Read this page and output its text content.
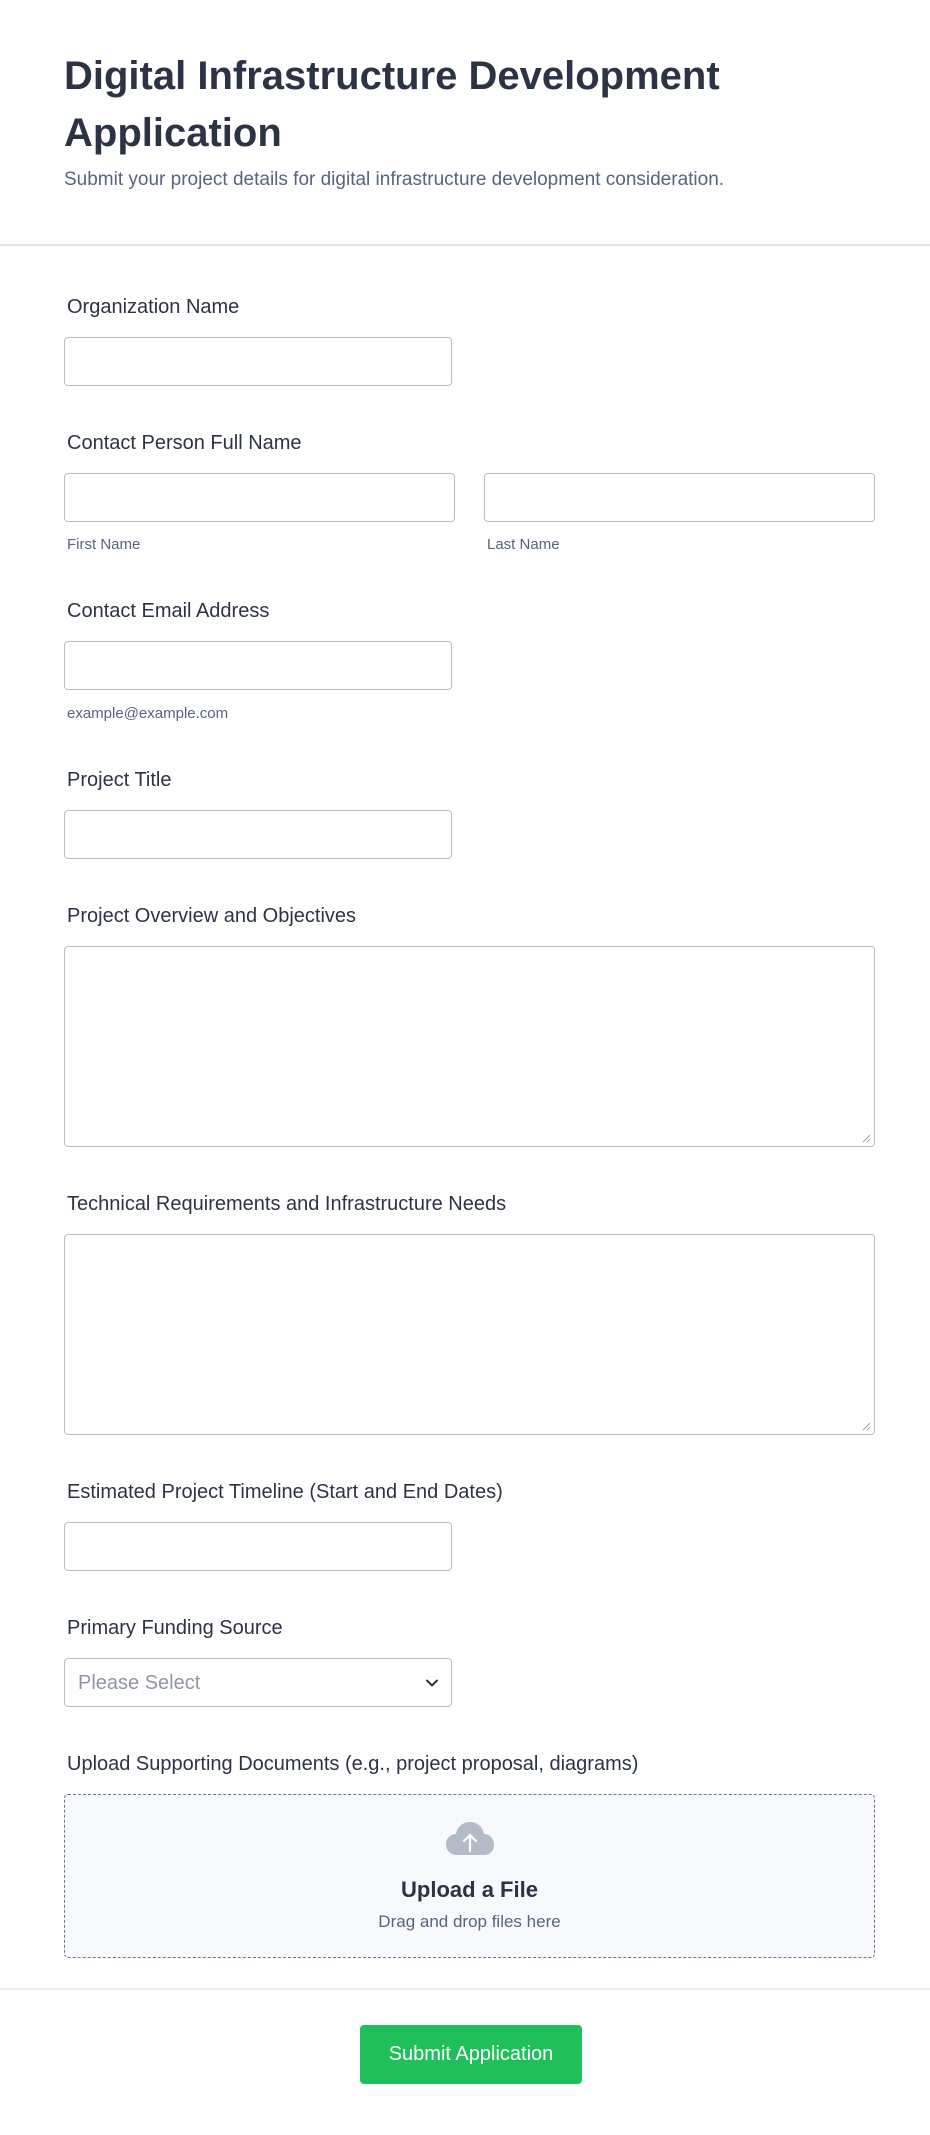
Digital Infrastructure Development Application

Submit your project details for digital infrastructure development consideration.

Organization Name
Contact Person Full Name
First Name	Last Name
Contact Email Address
example@example.com
Project Title
Project Overview and Objectives
Technical Requirements and Infrastructure Needs
Estimated Project Timeline (Start and End Dates)
Primary Funding Source
Please Select
Upload Supporting Documents (e.g., project proposal, diagrams)
Upload a File
Drag and drop files here
Submit Application
